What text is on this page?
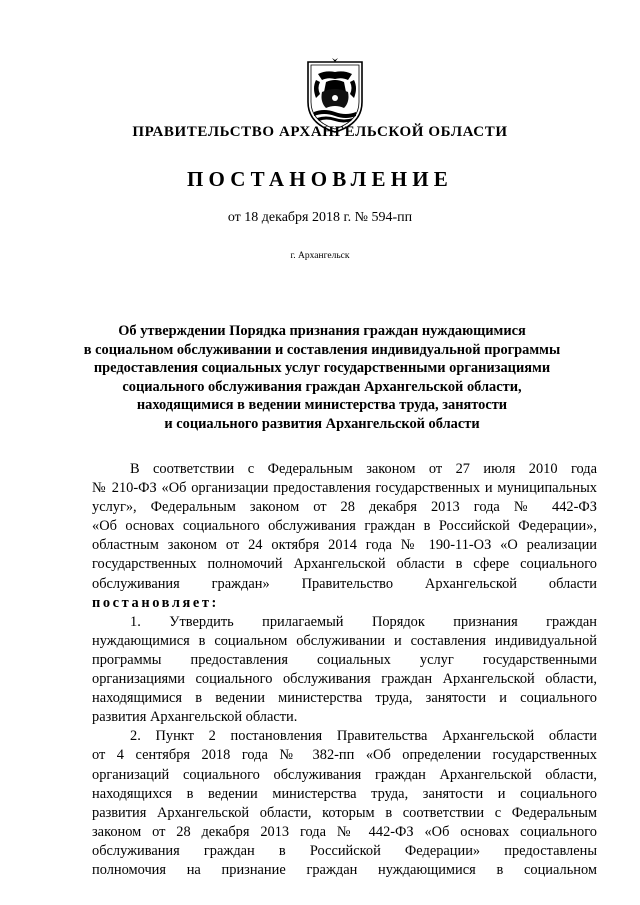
ПРАВИТЕЛЬСТВО АРХАНГЕЛЬСКОЙ ОБЛАСТИ
ПОСТАНОВЛЕНИЕ
от 18 декабря 2018 г. № 594-пп
г. Архангельск
Об утверждении Порядка признания граждан нуждающимися
в социальном обслуживании и составления индивидуальной программы
предоставления социальных услуг государственными организациями
социального обслуживания граждан Архангельской области,
находящимися в ведении министерства труда, занятости
и социального развития Архангельской области
В соответствии с Федеральным законом от 27 июля 2010 года
№ 210-ФЗ «Об организации предоставления государственных и муниципальных
услуг», Федеральным законом от 28 декабря 2013 года № 442-ФЗ
«Об основах социального обслуживания граждан в Российской Федерации»,
областным законом от 24 октября 2014 года № 190-11-ОЗ «О реализации
государственных полномочий Архангельской области в сфере социального
обслуживания граждан» Правительство Архангельской области
постановляет:
1. Утвердить прилагаемый Порядок признания граждан
нуждающимися в социальном обслуживании и составления индивидуальной
программы предоставления социальных услуг государственными
организациями социального обслуживания граждан Архангельской области,
находящимися в ведении министерства труда, занятости и социального
развития Архангельской области.
2. Пункт 2 постановления Правительства Архангельской области
от 4 сентября 2018 года № 382-пп «Об определении государственных
организаций социального обслуживания граждан Архангельской области,
находящихся в ведении министерства труда, занятости и социального
развития Архангельской области, которым в соответствии с Федеральным
законом от 28 декабря 2013 года № 442-ФЗ «Об основах социального
обслуживания граждан в Российской Федерации» предоставлены
полномочия на признание граждан нуждающимися в социальном
